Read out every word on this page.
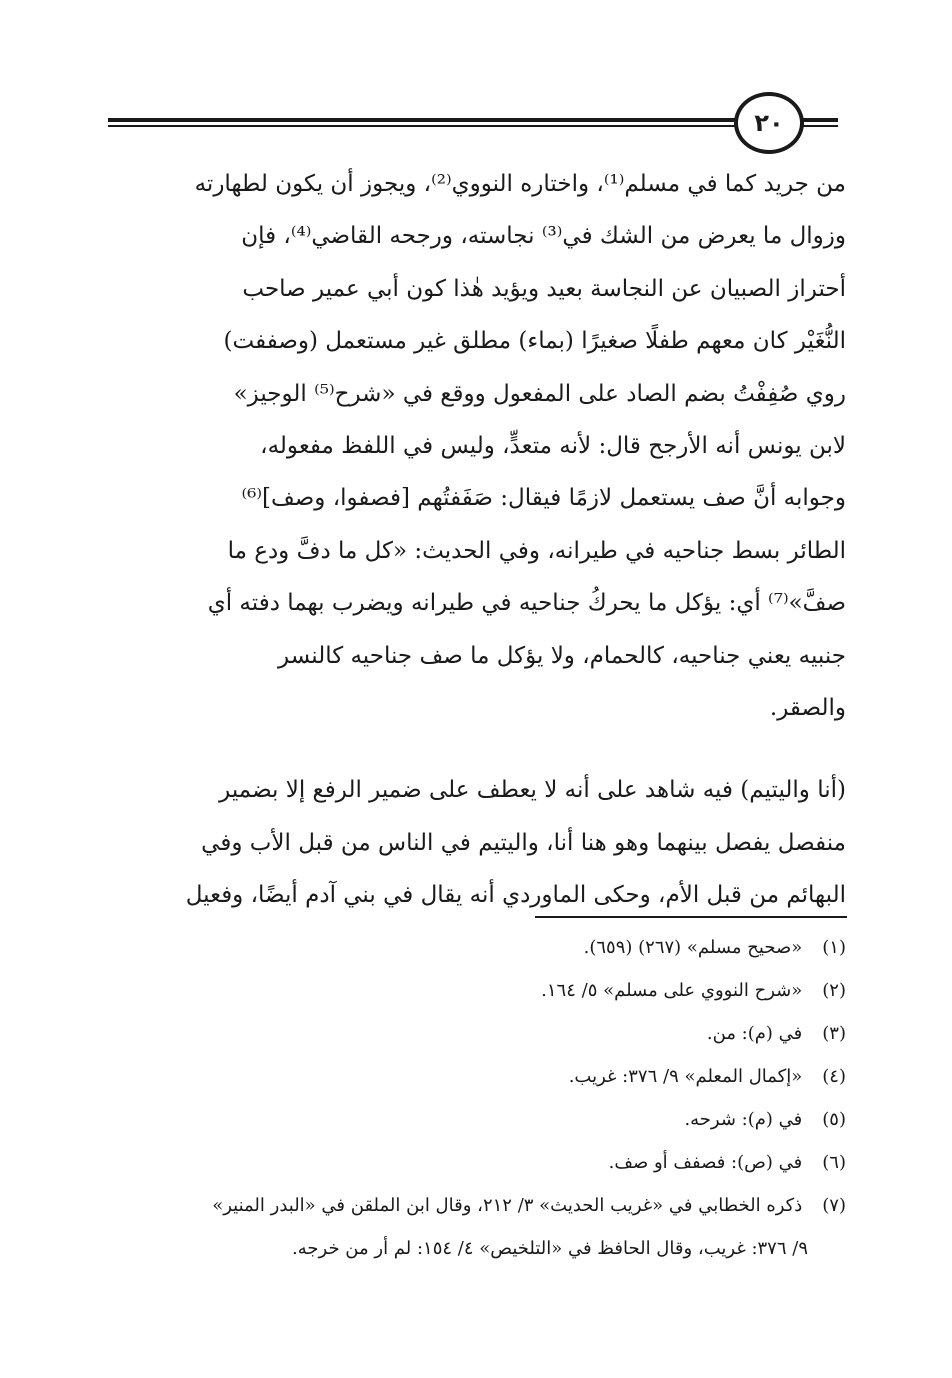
٢٠
من جريد كما في مسلم⁽¹⁾، واختاره النووي⁽²⁾، ويجوز أن يكون لطهارته
وزوال ما يعرض من الشك في⁽³⁾ نجاسته، ورجحه القاضي⁽⁴⁾، فإن
أحتراز الصبيان عن النجاسة بعيد ويؤيد هٰذا كون أبي عمير صاحب
النُّغَيْر كان معهم طفلًا صغيرًا (بماء) مطلق غير مستعمل (وصففت)
روي صُفِفْتُ بضم الصاد على المفعول ووقع في «شرح⁽⁵⁾ الوجيز»
لابن يونس أنه الأرجح قال: لأنه متعدٍّ، وليس في اللفظ مفعوله،
وجوابه أنَّ صف يستعمل لازمًا فيقال: صَفَفتُهم [فصفوا، وصف]⁽⁶⁾
الطائر بسط جناحيه في طيرانه، وفي الحديث: «كل ما دفَّ ودع ما
صفَّ»⁽⁷⁾ أي: يؤكل ما يحركُ جناحيه في طيرانه ويضرب بهما دفته أي
جنبيه يعني جناحيه، كالحمام، ولا يؤكل ما صف جناحيه كالنسر
والصقر.
(أنا واليتيم) فيه شاهد على أنه لا يعطف على ضمير الرفع إلا بضمير
منفصل يفصل بينهما وهو هنا أنا، واليتيم في الناس من قبل الأب وفي
البهائم من قبل الأم، وحكى الماوردي أنه يقال في بني آدم أيضًا، وفعيل
(١) «صحيح مسلم» (٢٦٧) (٦٥٩).
(٢) «شرح النووي على مسلم» ٥/ ١٦٤.
(٣) في (م): من.
(٤) «إكمال المعلم» ٩/ ٣٧٦: غريب.
(٥) في (م): شرحه.
(٦) في (ص): فصفف أو صف.
(٧) ذكره الخطابي في «غريب الحديث» ٣/ ٢١٢، وقال ابن الملقن في «البدر المنير»
٩/ ٣٧٦: غريب، وقال الحافظ في «التلخيص» ٤/ ١٥٤: لم أر من خرجه.
